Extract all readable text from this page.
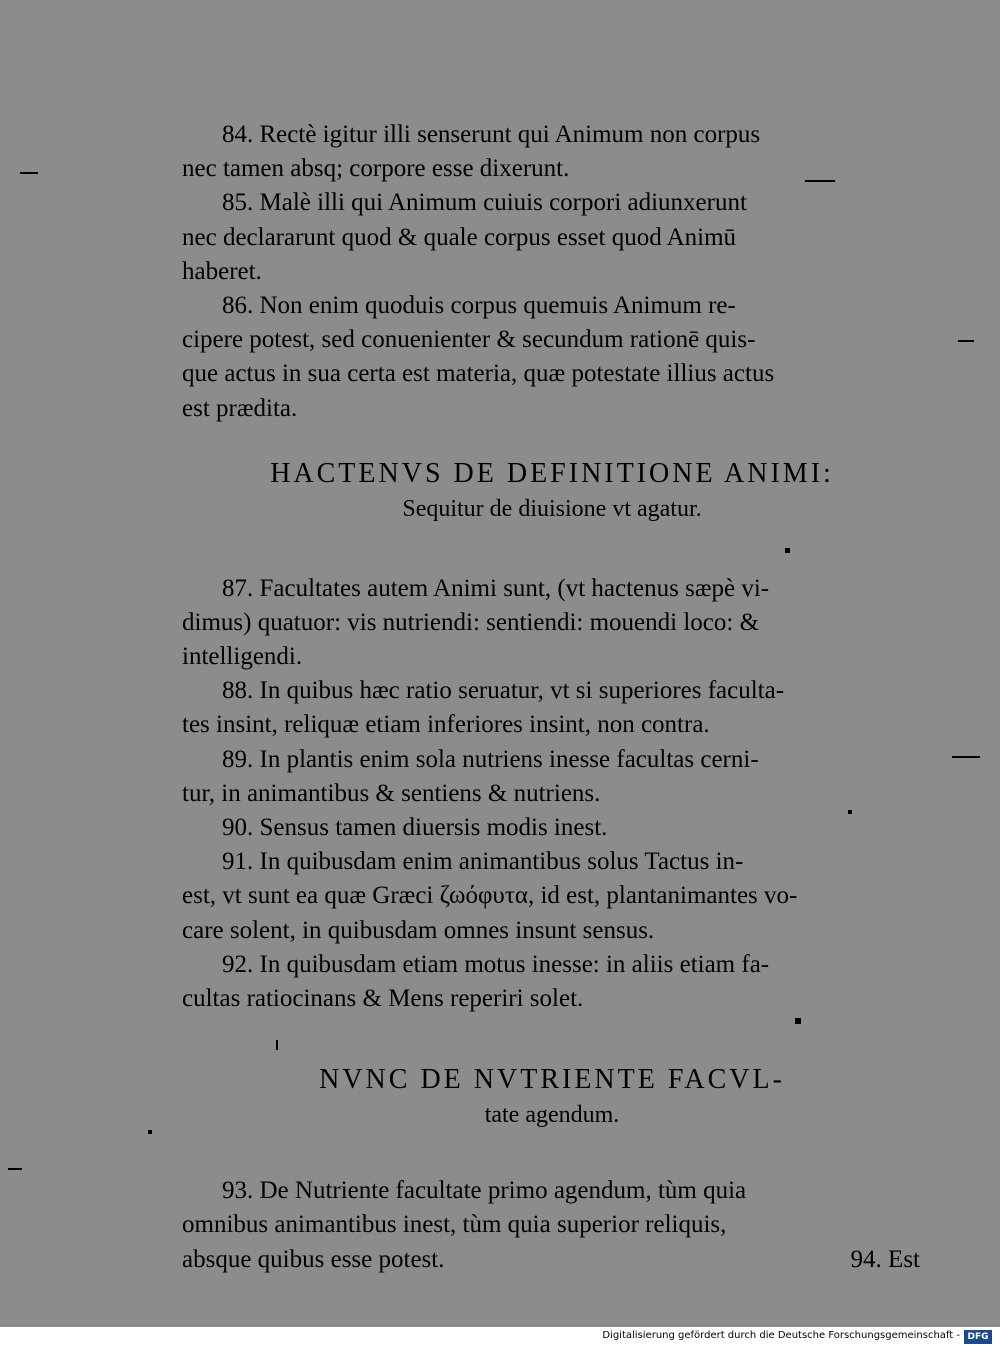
84. Rectè igitur illi senserunt qui Animum non corpus
nec tamen absq; corpore esse dixerunt.
85. Malè illi qui Animum cuiuis corpori adiunxerunt
nec declararunt quod & quale corpus esset quod Animū
haberet.
86. Non enim quoduis corpus quemuis Animum re-
cipere potest, sed conuenienter & secundum rationē quis-
que actus in sua certa est materia, quæ potestate illius actus
est prædita.
HACTENVS DE DEFINITIONE ANIMI:
Sequitur de diuisione vt agatur.
87. Facultates autem Animi sunt, (vt hactenus sæpè vi-
dimus) quatuor: vis nutriendi: sentiendi: mouendi loco: &
intelligendi.
88. In quibus hæc ratio seruatur, vt si superiores faculta-
tes insint, reliquæ etiam inferiores insint, non contra.
89. In plantis enim sola nutriens inesse facultas cerni-
tur, in animantibus & sentiens & nutriens.
90. Sensus tamen diuersis modis inest.
91. In quibusdam enim animantibus solus Tactus in-
est, vt sunt ea quæ Græci ζωόφυτα, id est, plantanimantes vo-
care solent, in quibusdam omnes insunt sensus.
92. In quibusdam etiam motus inesse: in aliis etiam fa-
cultas ratiocinans & Mens reperiri solet.
NVNC DE NVTRIENTE FACVL-
tate agendum.
93. De Nutriente facultate primo agendum, tùm quia
omnibus animantibus inest, tùm quia superior reliquis,
absque quibus esse potest.	94. Est
Digitalisierung gefördert durch die Deutsche Forschungsgemeinschaft - DFG
